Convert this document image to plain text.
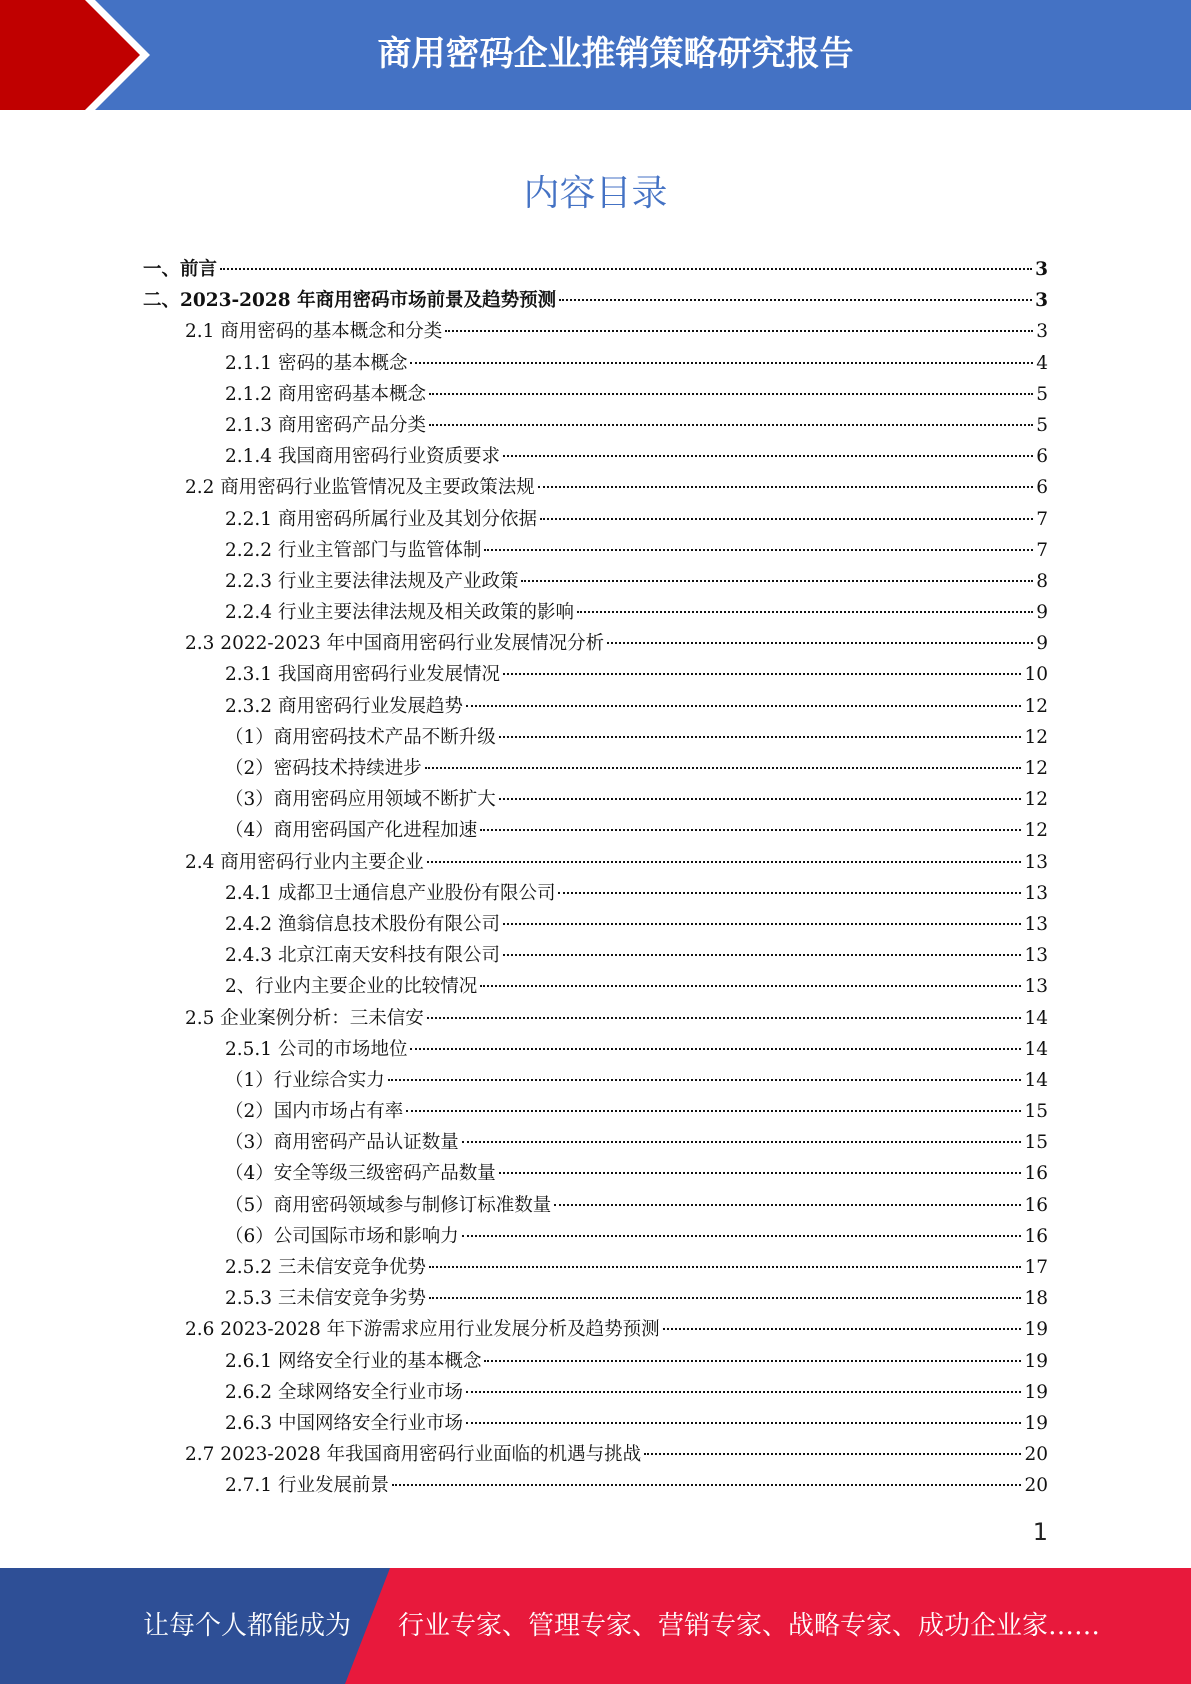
商用密码企业推销策略研究报告
内容目录
一、前言	3
二、2023-2028 年商用密码市场前景及趋势预测	3
2.1 商用密码的基本概念和分类	3
2.1.1 密码的基本概念	4
2.1.2 商用密码基本概念	5
2.1.3 商用密码产品分类	5
2.1.4 我国商用密码行业资质要求	6
2.2 商用密码行业监管情况及主要政策法规	6
2.2.1 商用密码所属行业及其划分依据	7
2.2.2 行业主管部门与监管体制	7
2.2.3 行业主要法律法规及产业政策	8
2.2.4 行业主要法律法规及相关政策的影响	9
2.3 2022-2023 年中国商用密码行业发展情况分析	9
2.3.1 我国商用密码行业发展情况	10
2.3.2 商用密码行业发展趋势	12
（1）商用密码技术产品不断升级	12
（2）密码技术持续进步	12
（3）商用密码应用领域不断扩大	12
（4）商用密码国产化进程加速	12
2.4 商用密码行业内主要企业	13
2.4.1 成都卫士通信息产业股份有限公司	13
2.4.2 渔翁信息技术股份有限公司	13
2.4.3 北京江南天安科技有限公司	13
2、行业内主要企业的比较情况	13
2.5 企业案例分析：三未信安	14
2.5.1 公司的市场地位	14
（1）行业综合实力	14
（2）国内市场占有率	15
（3）商用密码产品认证数量	15
（4）安全等级三级密码产品数量	16
（5）商用密码领域参与制修订标准数量	16
（6）公司国际市场和影响力	16
2.5.2 三未信安竞争优势	17
2.5.3 三未信安竞争劣势	18
2.6 2023-2028 年下游需求应用行业发展分析及趋势预测	19
2.6.1 网络安全行业的基本概念	19
2.6.2 全球网络安全行业市场	19
2.6.3 中国网络安全行业市场	19
2.7 2023-2028 年我国商用密码行业面临的机遇与挑战	20
2.7.1 行业发展前景	20
1
让每个人都能成为 行业专家、管理专家、营销专家、战略专家、成功企业家……
